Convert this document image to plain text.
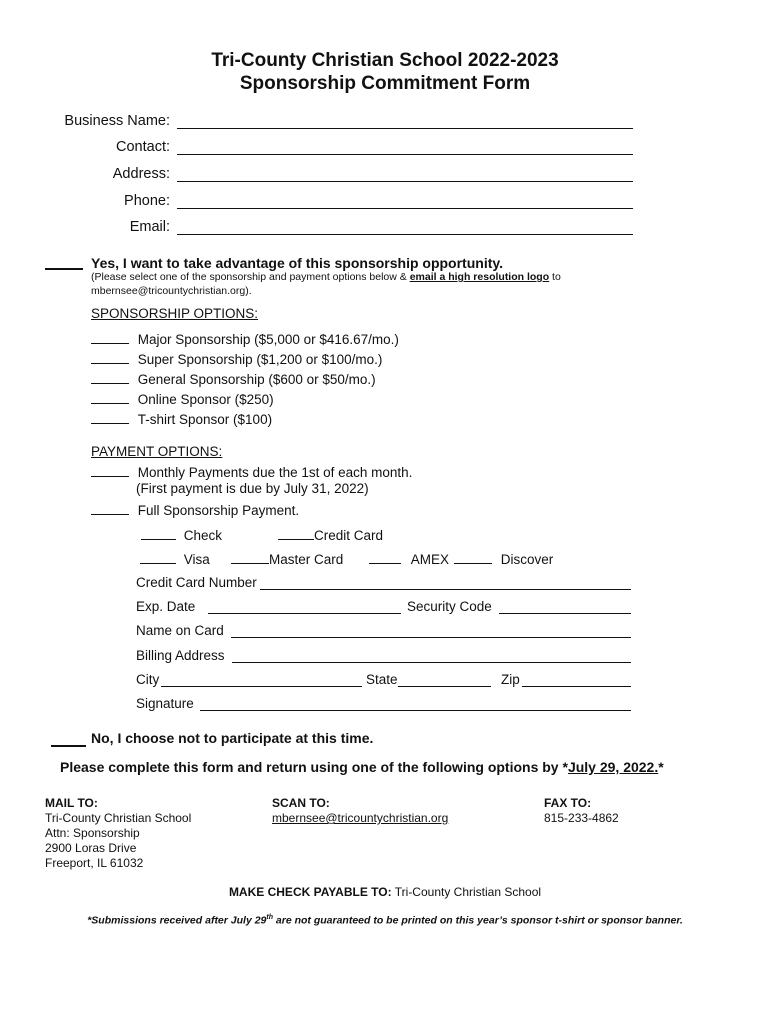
Tri-County Christian School 2022-2023
Sponsorship Commitment Form
Business Name:
Contact:
Address:
Phone:
Email:
Yes, I want to take advantage of this sponsorship opportunity.
(Please select one of the sponsorship and payment options below & email a high resolution logo to
mbernsee@tricountychristian.org).
SPONSORSHIP OPTIONS:
Major Sponsorship ($5,000 or $416.67/mo.)
Super Sponsorship ($1,200 or $100/mo.)
General Sponsorship ($600 or $50/mo.)
Online Sponsor ($250)
T-shirt Sponsor ($100)
PAYMENT OPTIONS:
Monthly Payments due the 1st of each month.
(First payment is due by July 31, 2022)
Full Sponsorship Payment.
Check	Credit Card
Visa	Master Card	AMEX	Discover
Credit Card Number
Exp. Date	Security Code
Name on Card
Billing Address
City	State	Zip
Signature
No, I choose not to participate at this time.
Please complete this form and return using one of the following options by *July 29, 2022.*
MAIL TO:
Tri-County Christian School
Attn: Sponsorship
2900 Loras Drive
Freeport, IL 61032
SCAN TO:
mbernsee@tricountychristian.org
FAX TO:
815-233-4862
MAKE CHECK PAYABLE TO: Tri-County Christian School
*Submissions received after July 29th are not guaranteed to be printed on this year’s sponsor t-shirt or sponsor banner.
